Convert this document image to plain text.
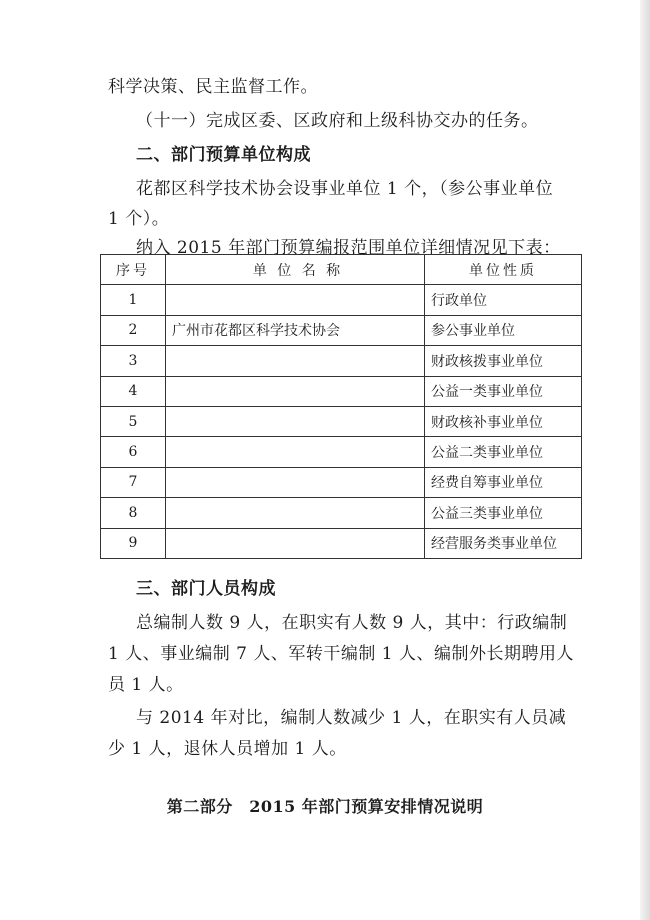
科学决策、民主监督工作。
（十一）完成区委、区政府和上级科协交办的任务。
二、部门预算单位构成
花都区科学技术协会设事业单位 1 个，（参公事业单位
1 个）。
纳入 2015 年部门预算编报范围单位详细情况见下表：
序号	单 位 名 称	单位性质
1		行政单位
2	广州市花都区科学技术协会	参公事业单位
3		财政核拨事业单位
4		公益一类事业单位
5		财政核补事业单位
6		公益二类事业单位
7		经费自筹事业单位
8		公益三类事业单位
9		经营服务类事业单位
三、部门人员构成
总编制人数 9 人，在职实有人数 9 人，其中：行政编制
1 人、事业编制 7 人、军转干编制 1 人、编制外长期聘用人
员 1 人。
与 2014 年对比，编制人数减少 1 人，在职实有人员减
少 1 人，退休人员增加 1 人。
第二部分　2015 年部门预算安排情况说明
